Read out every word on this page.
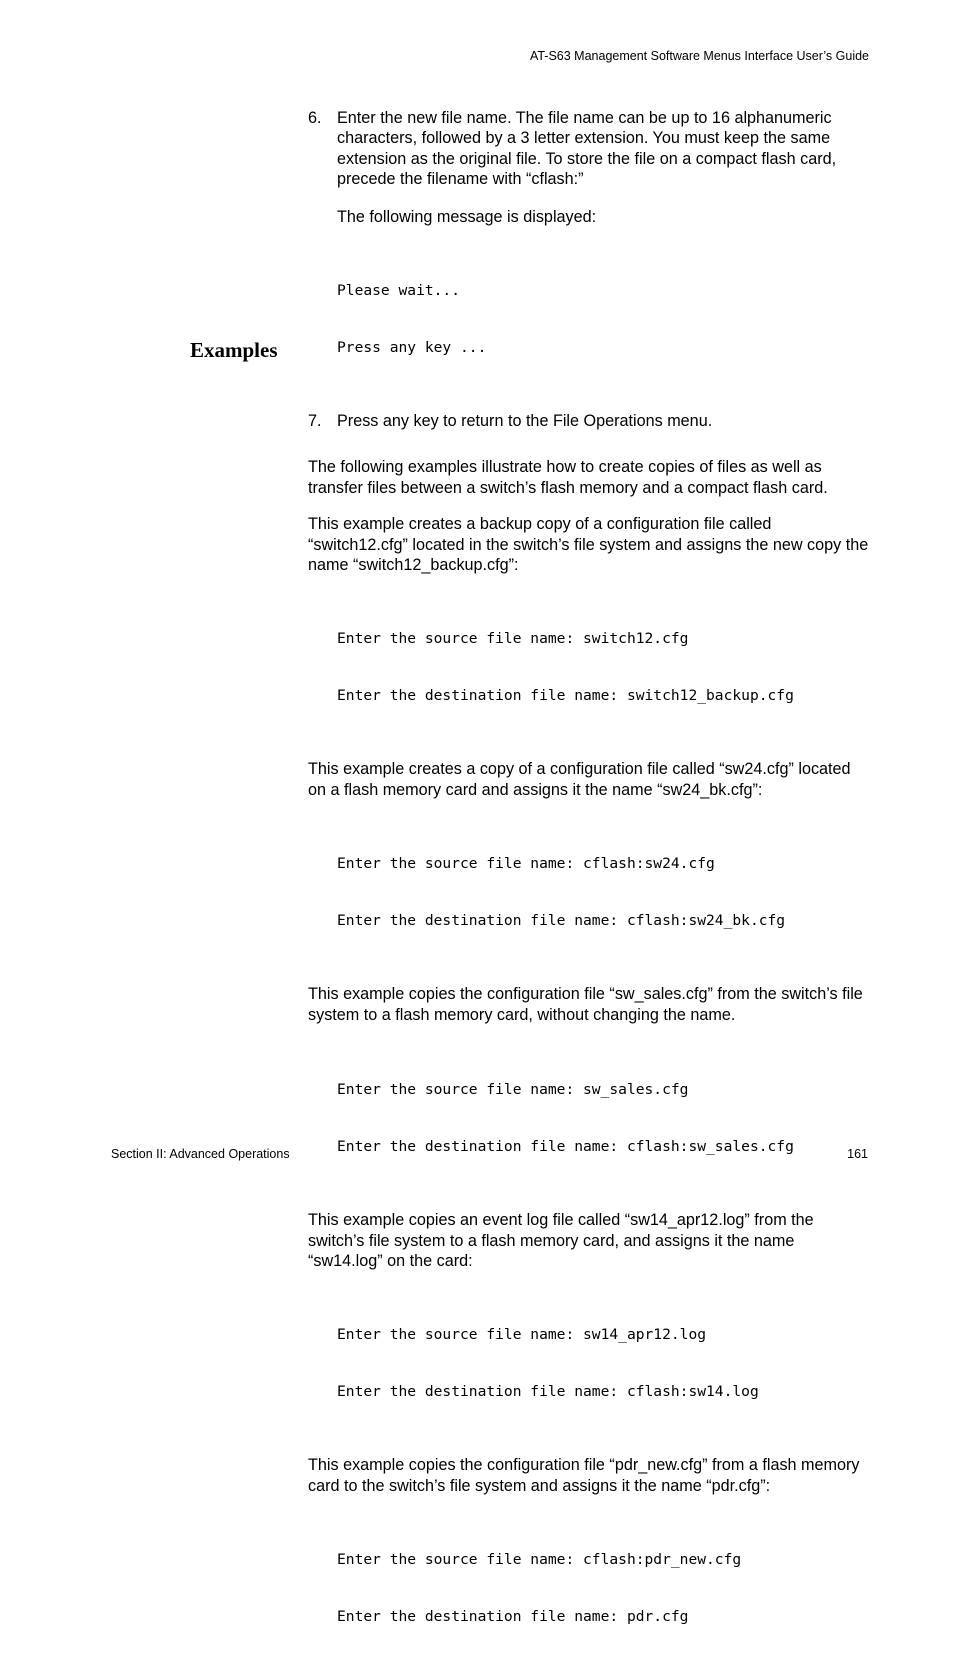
AT-S63 Management Software Menus Interface User’s Guide
Examples
6. Enter the new file name. The file name can be up to 16 alphanumeric characters, followed by a 3 letter extension. You must keep the same extension as the original file. To store the file on a compact flash card, precede the filename with “cflash:”

The following message is displayed:

Please wait...

Press any key ...

7. Press any key to return to the File Operations menu.

The following examples illustrate how to create copies of files as well as transfer files between a switch’s flash memory and a compact flash card.

This example creates a backup copy of a configuration file called “switch12.cfg” located in the switch’s file system and assigns the new copy the name “switch12_backup.cfg”:

Enter the source file name: switch12.cfg

Enter the destination file name: switch12_backup.cfg

This example creates a copy of a configuration file called “sw24.cfg” located on a flash memory card and assigns it the name “sw24_bk.cfg”:

Enter the source file name: cflash:sw24.cfg

Enter the destination file name: cflash:sw24_bk.cfg

This example copies the configuration file “sw_sales.cfg” from the switch’s file system to a flash memory card, without changing the name.

Enter the source file name: sw_sales.cfg

Enter the destination file name: cflash:sw_sales.cfg

This example copies an event log file called “sw14_apr12.log” from the switch’s file system to a flash memory card, and assigns it the name “sw14.log” on the card:

Enter the source file name: sw14_apr12.log

Enter the destination file name: cflash:sw14.log

This example copies the configuration file “pdr_new.cfg” from a flash memory card to the switch’s file system and assigns it the name “pdr.cfg”:

Enter the source file name: cflash:pdr_new.cfg

Enter the destination file name: pdr.cfg

Section II: Advanced Operations	161
